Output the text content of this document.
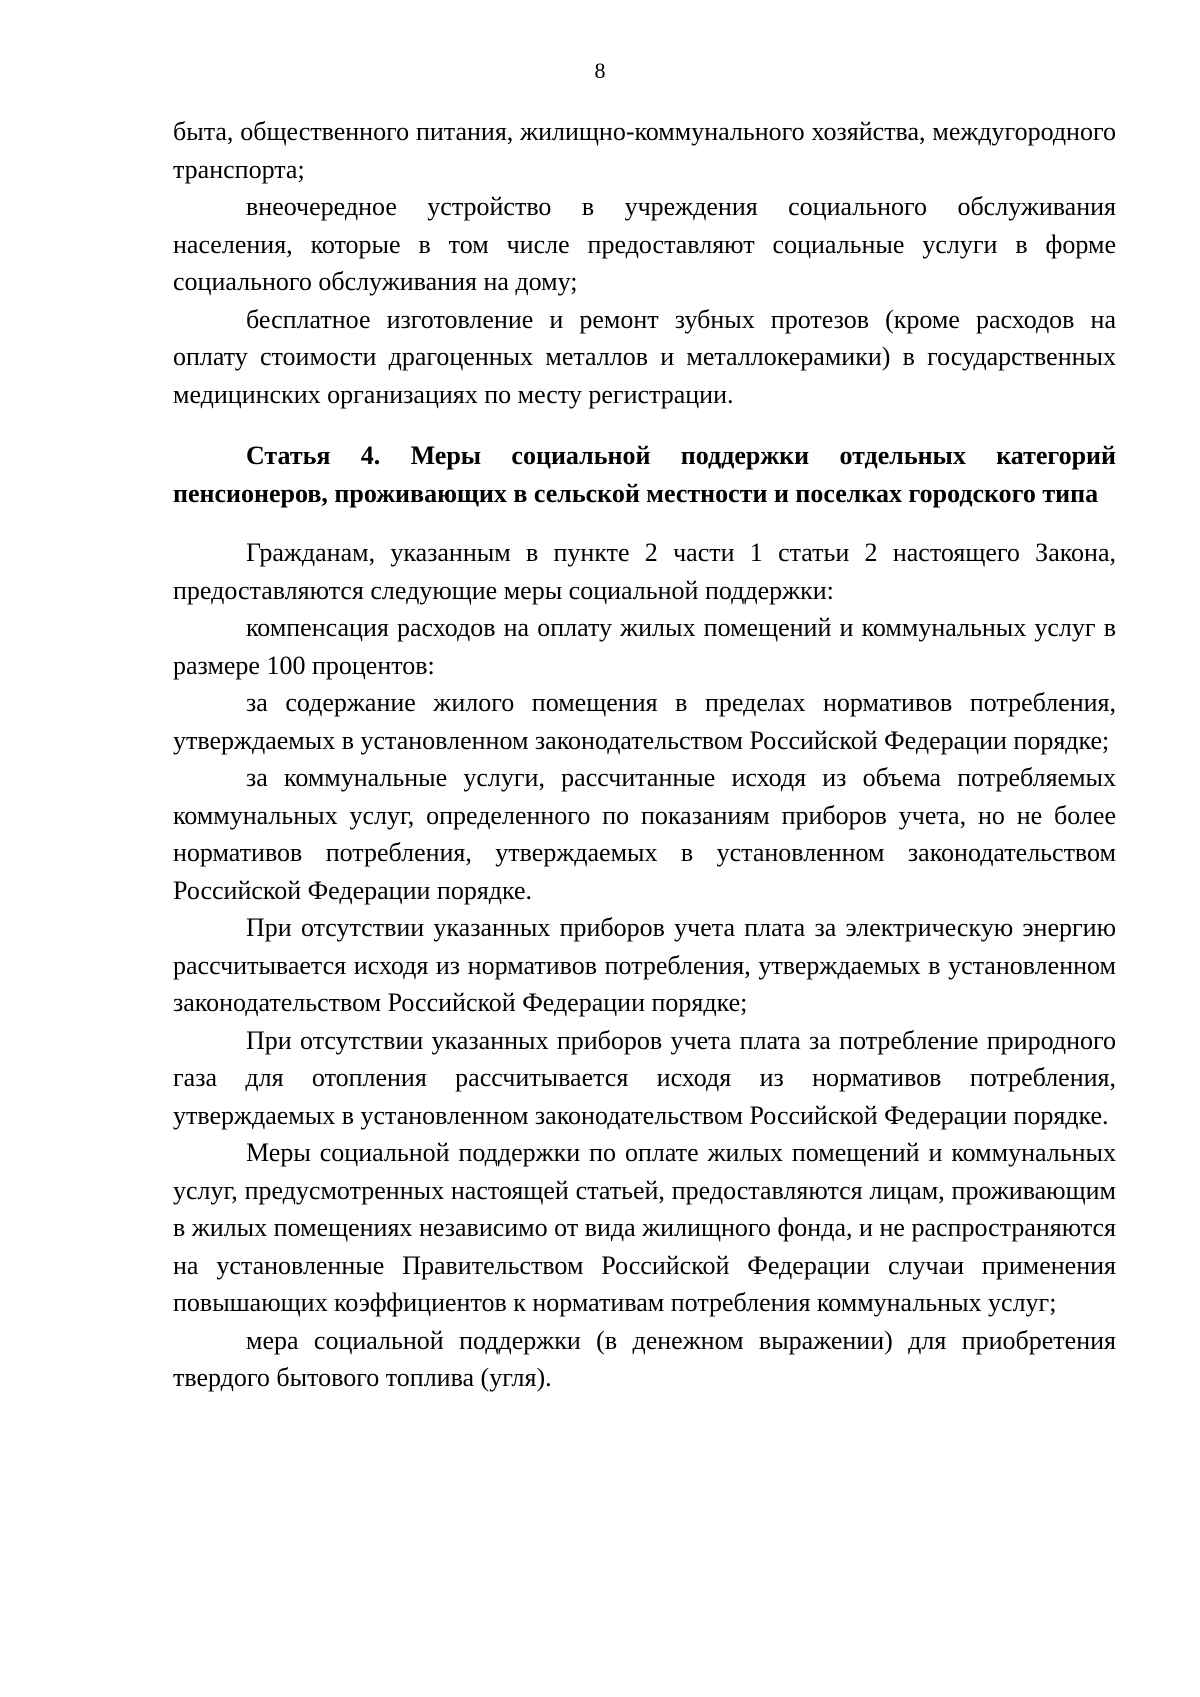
8

быта, общественного питания, жилищно-коммунального хозяйства, междугородного транспорта;

внеочередное устройство в учреждения социального обслуживания населения, которые в том числе предоставляют социальные услуги в форме социального обслуживания на дому;

бесплатное изготовление и ремонт зубных протезов (кроме расходов на оплату стоимости драгоценных металлов и металлокерамики) в государственных медицинских организациях по месту регистрации.

Статья 4. Меры социальной поддержки отдельных категорий пенсионеров, проживающих в сельской местности и поселках городского типа

Гражданам, указанным в пункте 2 части 1 статьи 2 настоящего Закона, предоставляются следующие меры социальной поддержки:

компенсация расходов на оплату жилых помещений и коммунальных услуг в размере 100 процентов:

за содержание жилого помещения в пределах нормативов потребления, утверждаемых в установленном законодательством Российской Федерации порядке;

за коммунальные услуги, рассчитанные исходя из объема потребляемых коммунальных услуг, определенного по показаниям приборов учета, но не более нормативов потребления, утверждаемых в установленном законодательством Российской Федерации порядке.

При отсутствии указанных приборов учета плата за электрическую энергию рассчитывается исходя из нормативов потребления, утверждаемых в установленном законодательством Российской Федерации порядке;

При отсутствии указанных приборов учета плата за потребление природного газа для отопления рассчитывается исходя из нормативов потребления, утверждаемых в установленном законодательством Российской Федерации порядке.

Меры социальной поддержки по оплате жилых помещений и коммунальных услуг, предусмотренных настоящей статьей, предоставляются лицам, проживающим в жилых помещениях независимо от вида жилищного фонда, и не распространяются на установленные Правительством Российской Федерации случаи применения повышающих коэффициентов к нормативам потребления коммунальных услуг;

мера социальной поддержки (в денежном выражении) для приобретения твердого бытового топлива (угля).
